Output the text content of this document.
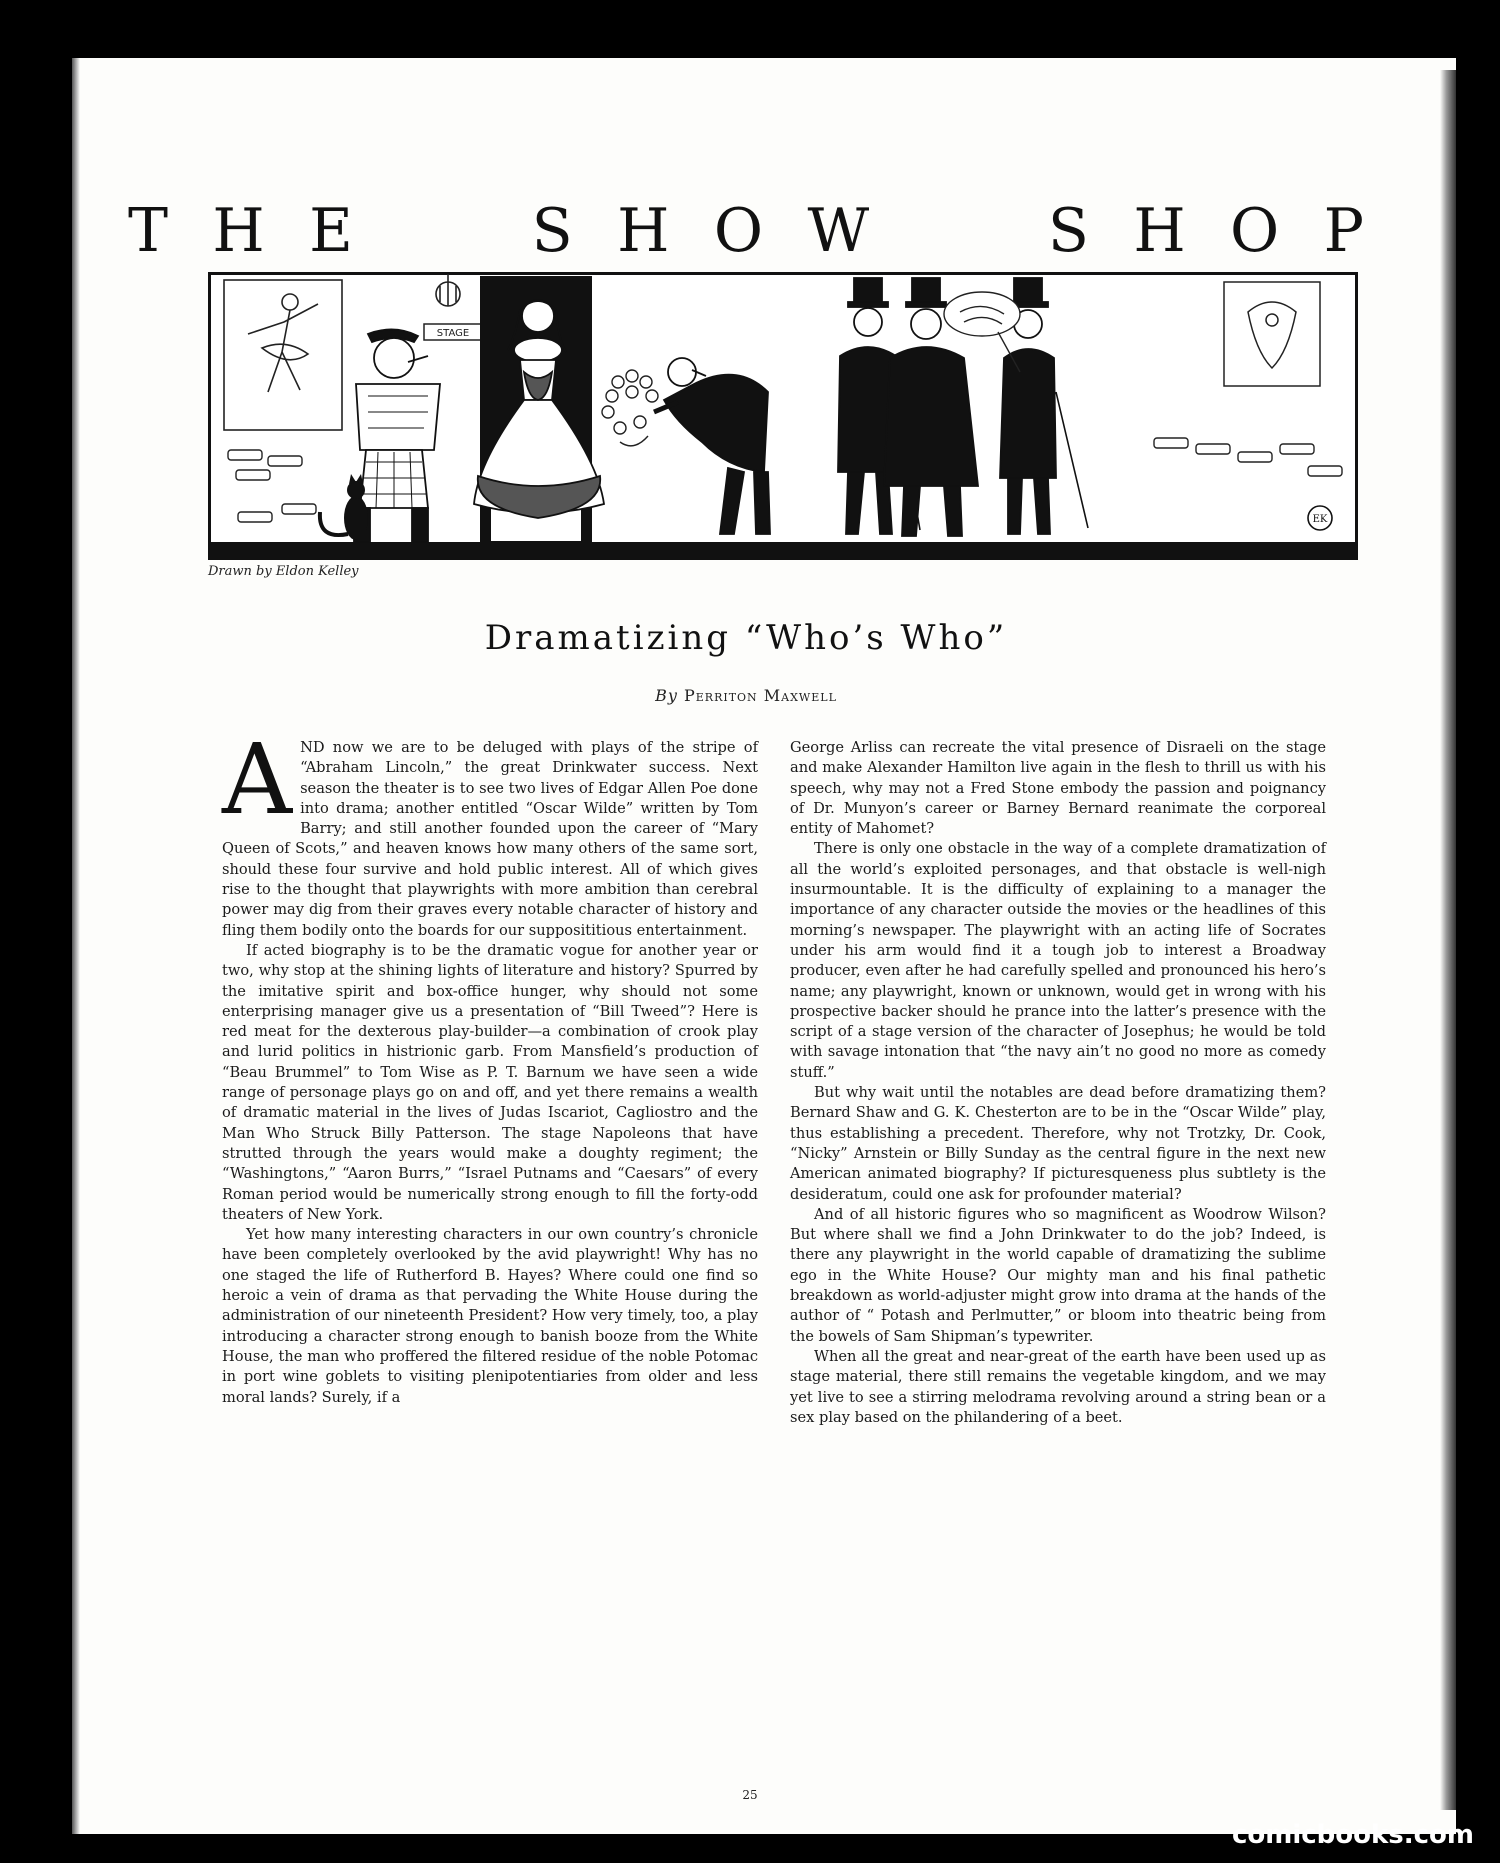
T H E	S H O W	S H O P
STAGE
EK
Drawn by Eldon Kelley
Dramatizing “Who’s Who”
By Perriton Maxwell

AND now we are to be deluged with plays of the stripe of “Abraham Lincoln,” the great Drinkwater success. Next season the theater is to see two lives of Edgar Allen Poe done into drama; another entitled “Oscar Wilde” written by Tom Barry; and still another founded upon the career of “Mary Queen of Scots,” and heaven knows how many others of the same sort, should these four survive and hold public interest. All of which gives rise to the thought that playwrights with more ambition than cerebral power may dig from their graves every notable character of history and fling them bodily onto the boards for our supposititious entertainment.

If acted biography is to be the dramatic vogue for another year or two, why stop at the shining lights of literature and history? Spurred by the imitative spirit and box-office hunger, why should not some enterprising manager give us a presentation of “Bill Tweed”? Here is red meat for the dexterous play-builder—a combination of crook play and lurid politics in histrionic garb. From Mansfield’s production of “Beau Brummel” to Tom Wise as P. T. Barnum we have seen a wide range of personage plays go on and off, and yet there remains a wealth of dramatic material in the lives of Judas Iscariot, Cagliostro and the Man Who Struck Billy Patterson. The stage Napoleons that have strutted through the years would make a doughty regiment; the “Washingtons,” “Aaron Burrs,” “Israel Putnams and “Caesars” of every Roman period would be numerically strong enough to fill the forty-odd theaters of New York.

Yet how many interesting characters in our own country’s chronicle have been completely overlooked by the avid playwright! Why has no one staged the life of Rutherford B. Hayes? Where could one find so heroic a vein of drama as that pervading the White House during the administration of our nineteenth President? How very timely, too, a play introducing a character strong enough to banish booze from the White House, the man who proffered the filtered residue of the noble Potomac in port wine goblets to visiting plenipotentiaries from older and less moral lands? Surely, if a

George Arliss can recreate the vital presence of Disraeli on the stage and make Alexander Hamilton live again in the flesh to thrill us with his speech, why may not a Fred Stone embody the passion and poignancy of Dr. Munyon’s career or Barney Bernard reanimate the corporeal entity of Mahomet?

There is only one obstacle in the way of a complete dramatization of all the world’s exploited personages, and that obstacle is well-nigh insurmountable. It is the difficulty of explaining to a manager the importance of any character outside the movies or the headlines of this morning’s newspaper. The playwright with an acting life of Socrates under his arm would find it a tough job to interest a Broadway producer, even after he had carefully spelled and pronounced his hero’s name; any playwright, known or unknown, would get in wrong with his prospective backer should he prance into the latter’s presence with the script of a stage version of the character of Josephus; he would be told with savage intonation that “the navy ain’t no good no more as comedy stuff.”

But why wait until the notables are dead before dramatizing them? Bernard Shaw and G. K. Chesterton are to be in the “Oscar Wilde” play, thus establishing a precedent. Therefore, why not Trotzky, Dr. Cook, “Nicky” Arnstein or Billy Sunday as the central figure in the next new American animated biography? If picturesqueness plus subtlety is the desideratum, could one ask for profounder material?

And of all historic figures who so magnificent as Woodrow Wilson? But where shall we find a John Drinkwater to do the job? Indeed, is there any playwright in the world capable of dramatizing the sublime ego in the White House? Our mighty man and his final pathetic breakdown as world-adjuster might grow into drama at the hands of the author of “ Potash and Perlmutter,” or bloom into theatric being from the bowels of Sam Shipman’s typewriter.

When all the great and near-great of the earth have been used up as stage material, there still remains the vegetable kingdom, and we may yet live to see a stirring melodrama revolving around a string bean or a sex play based on the philandering of a beet.

25
comicbooks.com
